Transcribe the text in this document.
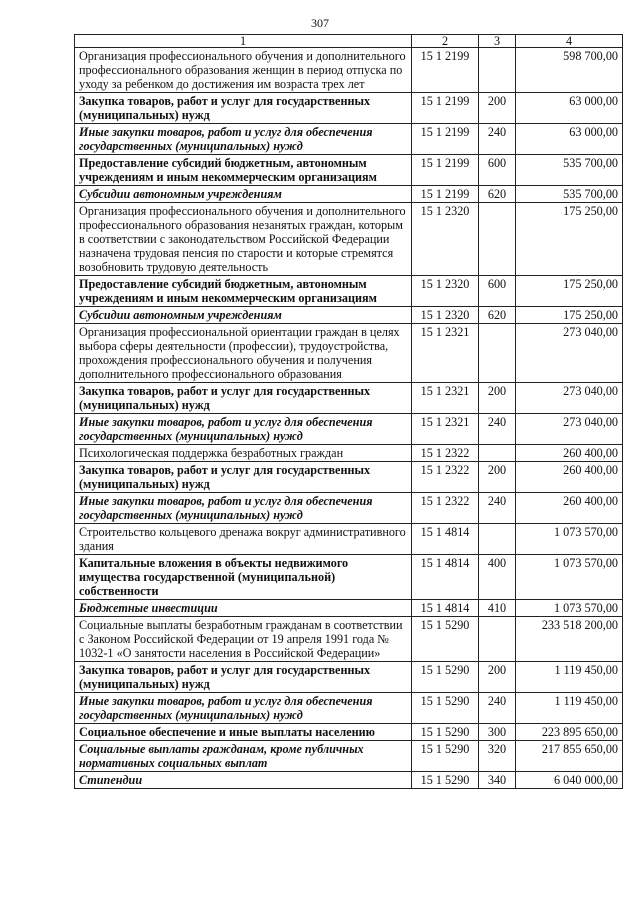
307
1	2	3	4
Организация профессионального обучения и дополнительного профессионального образования женщин в период отпуска по уходу за ребенком до достижения им возраста трех лет	15 1 2199		598 700,00
Закупка товаров, работ и услуг для государственных (муниципальных) нужд	15 1 2199	200	63 000,00
Иные закупки товаров, работ и услуг для обеспечения государственных (муниципальных) нужд	15 1 2199	240	63 000,00
Предоставление субсидий бюджетным, автономным учреждениям и иным некоммерческим организациям	15 1 2199	600	535 700,00
Субсидии автономным учреждениям	15 1 2199	620	535 700,00
Организация профессионального обучения и дополнительного профессионального образования незанятых граждан, которым в соответствии с законодательством Российской Федерации назначена трудовая пенсия по старости и которые стремятся возобновить трудовую деятельность	15 1 2320		175 250,00
Предоставление субсидий бюджетным, автономным учреждениям и иным некоммерческим организациям	15 1 2320	600	175 250,00
Субсидии автономным учреждениям	15 1 2320	620	175 250,00
Организация профессиональной ориентации граждан в целях выбора сферы деятельности (профессии), трудоустройства, прохождения профессионального обучения и получения дополнительного профессионального образования	15 1 2321		273 040,00
Закупка товаров, работ и услуг для государственных (муниципальных) нужд	15 1 2321	200	273 040,00
Иные закупки товаров, работ и услуг для обеспечения государственных (муниципальных) нужд	15 1 2321	240	273 040,00
Психологическая поддержка безработных граждан	15 1 2322		260 400,00
Закупка товаров, работ и услуг для государственных (муниципальных) нужд	15 1 2322	200	260 400,00
Иные закупки товаров, работ и услуг для обеспечения государственных (муниципальных) нужд	15 1 2322	240	260 400,00
Строительство кольцевого дренажа вокруг административного здания	15 1 4814		1 073 570,00
Капитальные вложения в объекты недвижимого имущества государственной (муниципальной) собственности	15 1 4814	400	1 073 570,00
Бюджетные инвестиции	15 1 4814	410	1 073 570,00
Социальные выплаты безработным гражданам в соответствии с Законом Российской Федерации от 19 апреля 1991 года № 1032-1 «О занятости населения в Российской Федерации»	15 1 5290		233 518 200,00
Закупка товаров, работ и услуг для государственных (муниципальных) нужд	15 1 5290	200	1 119 450,00
Иные закупки товаров, работ и услуг для обеспечения государственных (муниципальных) нужд	15 1 5290	240	1 119 450,00
Социальное обеспечение и иные выплаты населению	15 1 5290	300	223 895 650,00
Социальные выплаты гражданам, кроме публичных нормативных социальных выплат	15 1 5290	320	217 855 650,00
Стипендии	15 1 5290	340	6 040 000,00
